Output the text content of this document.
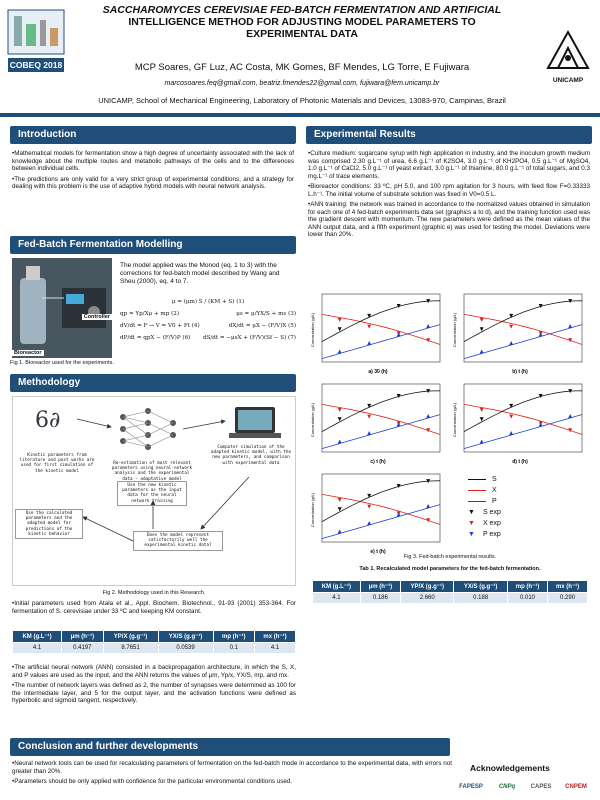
COBEQ 2018
SACCHAROMYCES CEREVISIAE FED-BATCH FERMENTATION AND ARTIFICIAL
INTELLIGENCE METHOD FOR ADJUSTING MODEL PARAMETERS TO
EXPERIMENTAL DATA
MCP Soares, GF Luz, AC Costa, MK Gomes, BF Mendes, LG Torre, E Fujiwara
marcosoares.feq@gmail.com, beatriz.fmendes22@gmail.com, fujiwara@fem.unicamp.br
UNICAMP, School of Mechanical Engineering, Laboratory of Photonic Materials and Devices, 13083-970, Campinas, Brazil
UNICAMP
Introduction

•Mathematical models for fermentation show a high degree of uncertainty associated with the lack of knowledge about the multiple routes and metabolic pathways of the cells and to the differences between individual cells.

•The predictions are only valid for a very strict group of experimental conditions, and a strategy for dealing with this problem is the use of adaptive hybrid models with neural network analysis.

Fed-Batch Fermentation Modelling
Bioreactor
Controller
Fig 1. Bioreactor used for the experiments.
The model applied was the Monod (eq. 1 to 3) with the corrections for fed-batch model described by Wang and Sheu (2000), eq. 4 to 7.
μ = (μm) S / (KM + S) (1)
qp = Yp/Xμ + mp (2)	μs = μ/YX/S + ms (3)
dV/dt = F → V = V0 + Ft (4)	dX/dt = μX − (F/V)X (5)
dP/dt = qpX − (F/V)P (6) dS/dt = −μsX + (F/V)(Sf − S) (7)
Methodology
6∂
Kinetic parameters from literature and past works are used for first simulation of the kinetic model
Re-estimation of most relevant parameters using neural-network analysis and the experimental data - adaptative model
Computer simulation of the adapted kinetic model, with the new parameters, and comparison with experimental data
Use the calculated parameters and the adapted model for predictions of the kinetic behavior
Use the new kinetic parameters as the input data for the neural network training
Does the model represent satisfactorily well the experimental kinetic data?
Fig 2. Methodology used in this Research.
•Initial parameters used from Atala et al., Appl. Biochem. Biotechnol., 91-93 (2001) 353-364. For fermentation of S. cerevisiae under 33 ºC and keeping KM constant.
KM (g.L⁻¹)	μm (h⁻¹)	YP/X (g.g⁻¹)	YX/S (g.g⁻¹)	mp (h⁻¹)	mx (h⁻¹)
4.1	0.4197	8.7651	0.0539	0.1	4.1

•The artificial neural network (ANN) consisted in a backpropagation architecture, in which the S, X, and P values are used as the input, and the ANN returns the values of μm, Yp/x, YX/S, mp, and mx.

•The number of network layers was defined as 2, the number of synapses were determined as 100 for the intermediate layer, and 5 for the output layer, and the activation functions were defined as hyperbolic and sigmoid tangent, respectively.

Experimental Results

•Culture medium: sugarcane syrup with high application in industry, and the inoculum growth medium was comprised 2.30 g.L⁻¹ of urea, 6.6 g.L⁻¹ of K2SO4, 3.0 g.L⁻¹ of KH2PO4, 0.5 g.L⁻¹ of MgSO4, 1.0 g.L⁻¹ of CaCl2, 5.0 g.L⁻¹ of yeast extract, 3.0 g.L⁻¹ of thiamine, 80.0 g.L⁻¹ of total sugars, and 0.3 mg.L⁻¹ of trace elements.

•Bioreactor conditions: 33 ºC, pH 5.0, and 100 rpm agitation for 3 hours, with feed flow F=0.33333 L.h⁻¹. The initial volume of substrate solution was fixed in V0=0.5 L.

•ANN training: the network was trained in accordance to the normalized values obtained in simulation for each one of 4 fed-batch experiments data set (graphics a to d), and the training function used was the gradient descent with momentum. The new parameters were defined as the mean values of the ANN output data, and a fifth experiment (graphic e) was used for testing the model. Deviations were lower than 20%.

Concentration (g/L)
a) 30 (h)
Concentration (g/L)
b) t (h)
Concentration (g/L)
c) t (h)
Concentration (g/L)
d) t (h)
Concentration (g/L)
e) t (h)
S
X
P
▼ S exp
▼ X exp
▼ P exp
Fig 3. Fed-batch experimental results.
Tab 1. Recalculated model parameters for the fed-batch fermentation.
KM (g.L⁻¹)	μm (h⁻¹)	YP/X (g.g⁻¹)	YX/S (g.g⁻¹)	mp (h⁻¹)	mx (h⁻¹)
4.1	0.186	2.660	0.188	0.010	0.290
Conclusion and further developments

•Neural network tools can be used for recalculating parameters of fermentation on the fed-batch mode in accordance to the experimental data, with errors not greater than 20%.

•Parameters should be only applied with confidence for the particular environmental conditions used.

Acknowledgements
FAPESP	CNPq	CAPES	CNPEM
